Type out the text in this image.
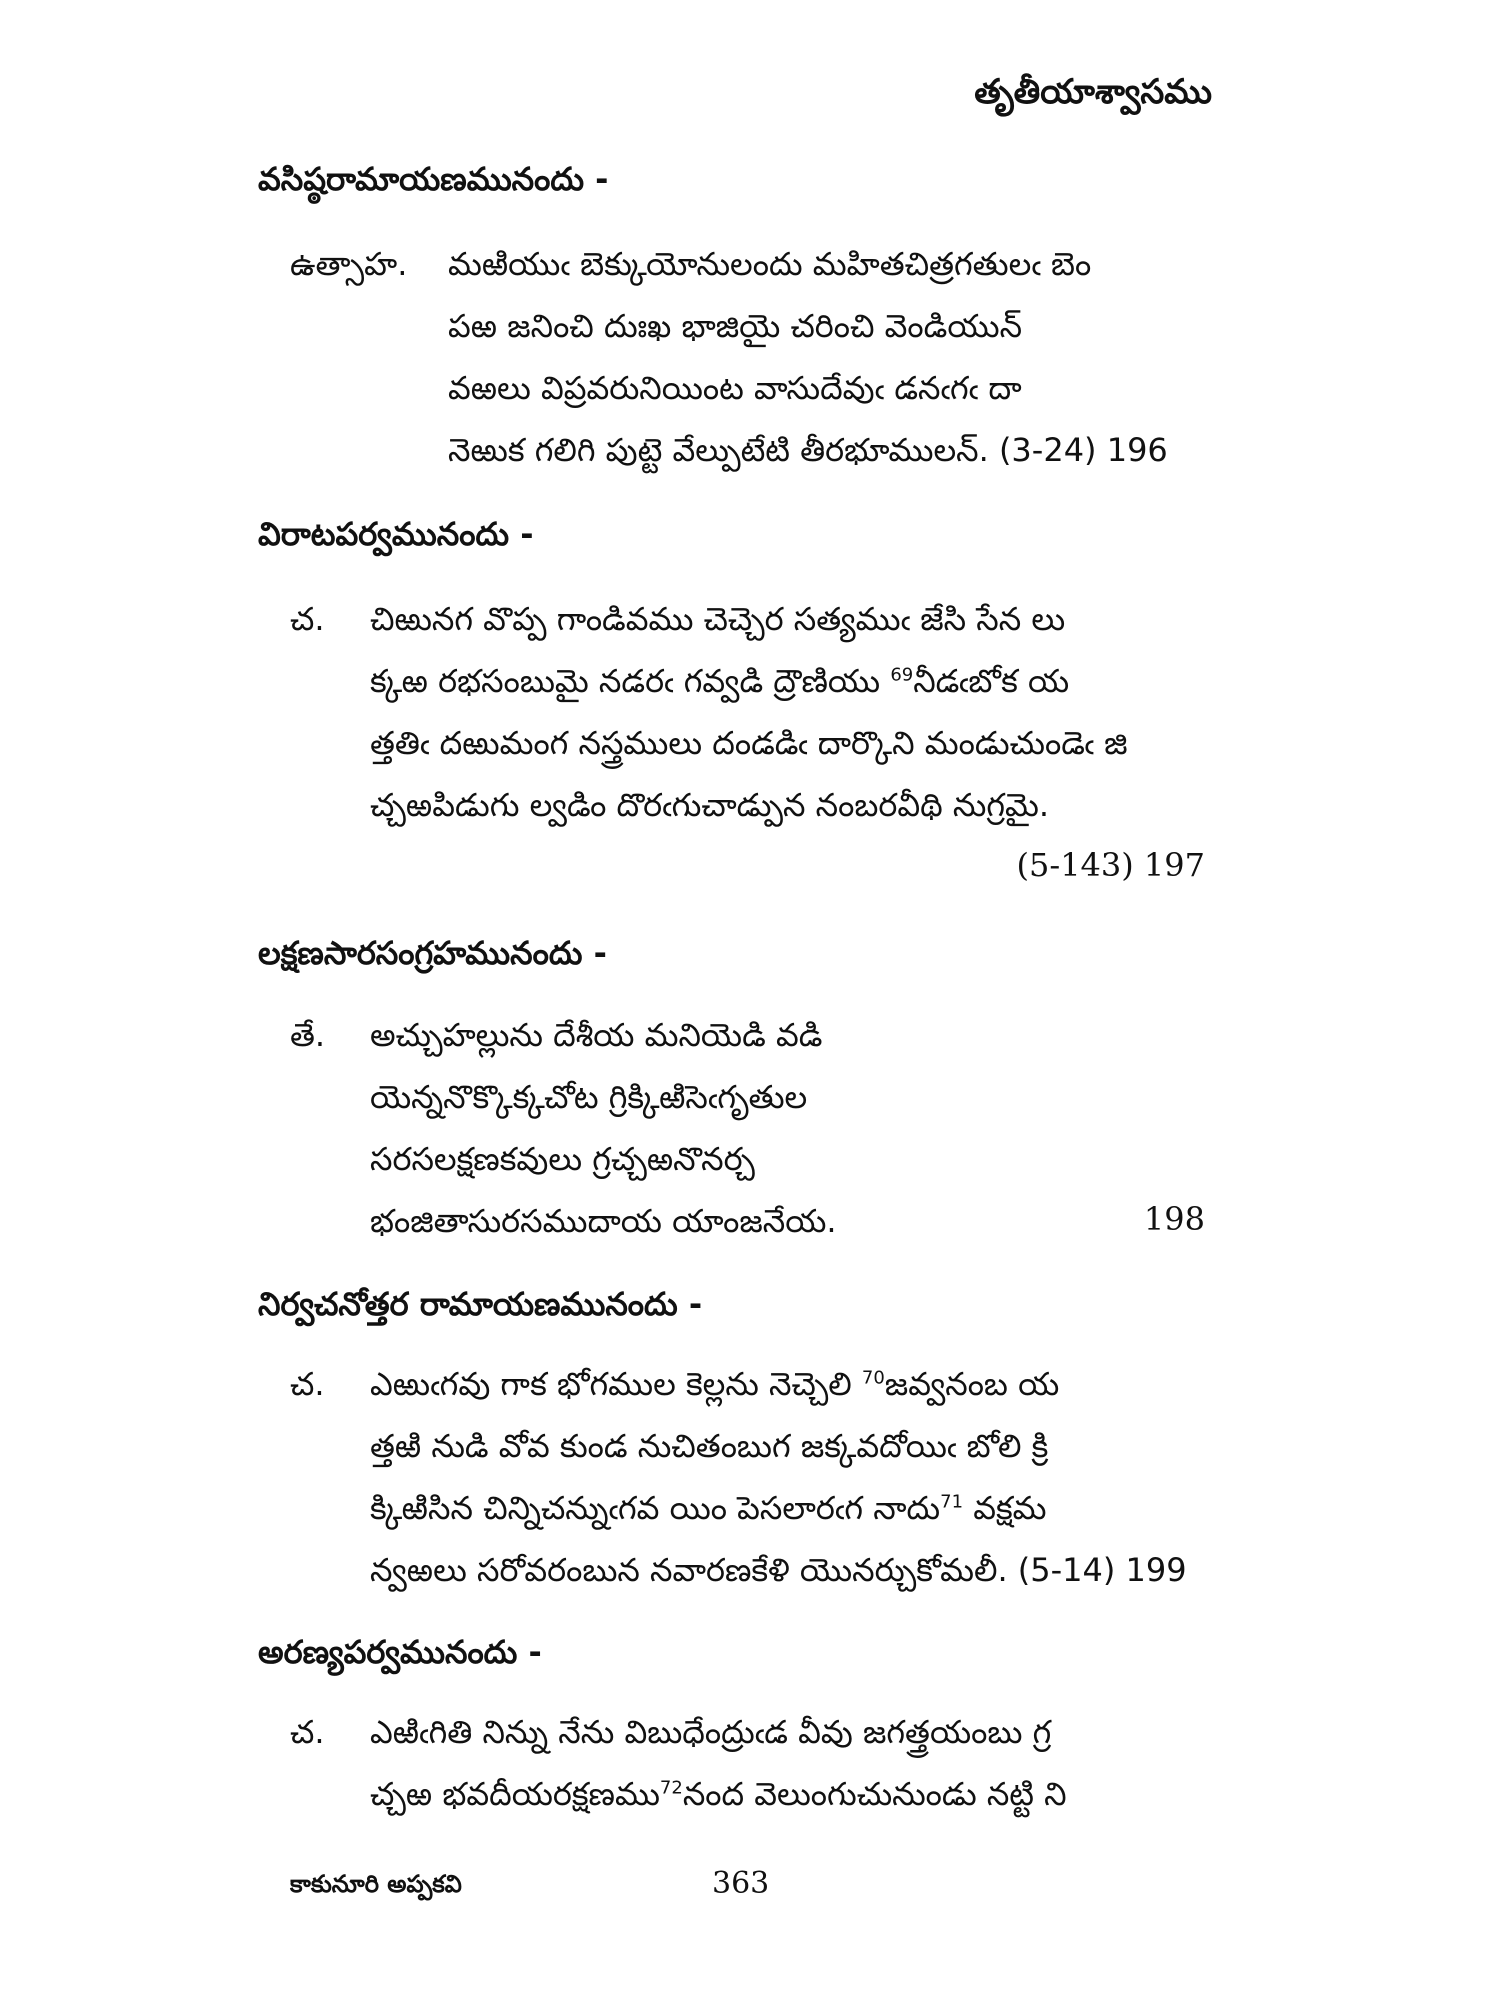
తృతీయాశ్వాసము
వసిష్ఠరామాయణమునందు -
ఉత్సాహ. మఱియుఁ బెక్కుయోనులందు మహితచిత్రగతులఁ బెం
పఱ జనించి దుఃఖ భాజియై చరించి వెండియున్
వఱలు విప్రవరునియింట వాసుదేవుఁ డనఁగఁ దా
నెఱుక గలిగి పుట్టె వేల్పుటేటి తీరభూములన్. (3-24) 196
విరాటపర్వమునందు -
చ. చిఱునగ వొప్ప గాండివము చెచ్చెర సత్యముఁ జేసి సేన లు
క్కఱ రభసంబుమై నడరఁ గవ్వడి ద్రౌణియు $^{69}$నీడఁబోక య
త్తతిఁ దఱుమంగ నస్త్రములు దండడిఁ దార్కొని మండుచుండెఁ జి
చ్చఱపిడుగు ల్వడిం దొరఁగుచాడ్పున నంబరవీథి నుగ్రమై.
(5-143) 197
లక్షణసారసంగ్రహమునందు -
తే. అచ్చుహల్లును దేశీయ మనియెడి వడి
యెన్ననొక్కొక్కచోట గ్రిక్కిఱిసెఁగృతుల
సరసలక్షణకవులు గ్రచ్చఱనొనర్చ
భంజితాసురసముదాయ యాంజనేయ.	198
నిర్వచనోత్తర రామాయణమునందు -
చ. ఎఱుఁగవు గాక భోగముల కెల్లను నెచ్చెలి $^{70}$జవ్వనంబ య
త్తఱి నుడి వోవ కుండ నుచితంబుగ జక్కవదోయిఁ బోలి క్రి
క్కిఱిసిన చిన్నిచన్నుఁగవ యిం పెసలారఁగ నాదు$^{71}$ వక్షమ
న్వఱలు సరోవరంబున నవారణకేళి యొనర్చుకోమలీ. (5-14) 199
అరణ్యపర్వమునందు -
చ. ఎఱిఁగితి నిన్ను నేను విబుధేంద్రుఁడ వీవు జగత్త్రయంబు గ్ర
చ్చఱ భవదీయరక్షణము$^{72}$నంద వెలుంగుచునుండు నట్టి ని
కాకునూరి అప్పకవి	363
